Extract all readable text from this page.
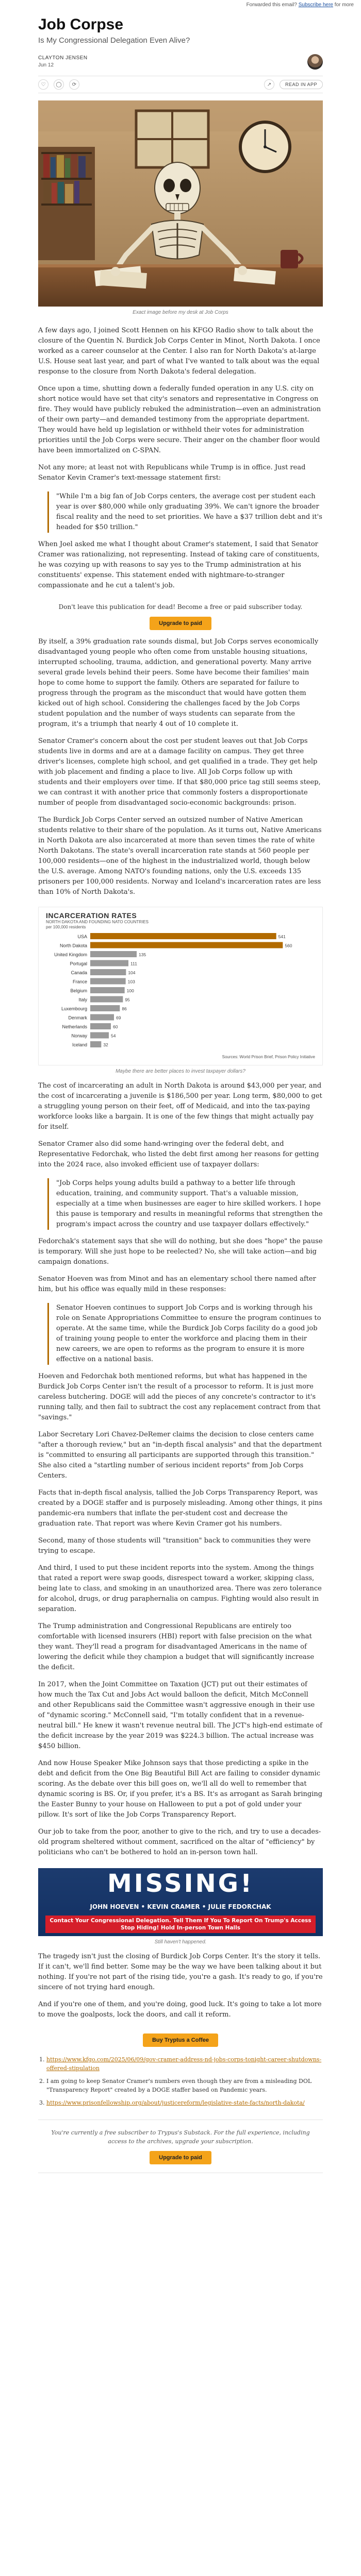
Forwarded this email? Subscribe here for more
Job Corpse
Is My Congressional Delegation Even Alive?
CLAYTON JENSEN
Jun 12
♡	◯	⟳	↗	READ IN APP
Exact image before my desk at Job Corps

A few days ago, I joined Scott Hennen on his KFGO Radio show to talk about the closure of the Quentin N. Burdick Job Corps Center in Minot, North Dakota. I once worked as a career counselor at the Center. I also ran for North Dakota's at-large U.S. House seat last year, and part of what I've wanted to talk about was the equal response to the closure from North Dakota's federal delegation.

Once upon a time, shutting down a federally funded operation in any U.S. city on short notice would have set that city's senators and representative in Congress on fire. They would have publicly rebuked the administration—even an administration of their own party—and demanded testimony from the appropriate department. They would have held up legislation or withheld their votes for administration priorities until the Job Corps were secure. Their anger on the chamber floor would have been immortalized on C-SPAN.

Not any more; at least not with Republicans while Trump is in office. Just read Senator Kevin Cramer's text-message statement first:

"While I'm a big fan of Job Corps centers, the average cost per student each year is over $80,000 while only graduating 39%. We can't ignore the broader fiscal reality and the need to set priorities. We have a $37 trillion debt and it's headed for $50 trillion."

When Joel asked me what I thought about Cramer's statement, I said that Senator Cramer was rationalizing, not representing. Instead of taking care of constituents, he was cozying up with reasons to say yes to the Trump administration at his constituents' expense. This statement ended with nightmare-to-stranger compassionate and he cut a talent's job.

Don't leave this publication for dead! Become a free or paid subscriber today.
Upgrade to paid

By itself, a 39% graduation rate sounds dismal, but Job Corps serves economically disadvantaged young people who often come from unstable housing situations, interrupted schooling, trauma, addiction, and generational poverty. Many arrive several grade levels behind their peers. Some have become their families' main hope to come home to support the family. Others are separated for failure to progress through the program as the misconduct that would have gotten them kicked out of high school. Considering the challenges faced by the Job Corps student population and the number of ways students can separate from the program, it's a triumph that nearly 4 out of 10 complete it.

Senator Cramer's concern about the cost per student leaves out that Job Corps students live in dorms and are at a damage facility on campus. They get three driver's licenses, complete high school, and get qualified in a trade. They get help with job placement and finding a place to live. All Job Corps follow up with students and their employers over time. If that $80,000 price tag still seems steep, we can contrast it with another price that commonly fosters a disproportionate number of people from disadvantaged socio-economic backgrounds: prison.

The Burdick Job Corps Center served an outsized number of Native American students relative to their share of the population. As it turns out, Native Americans in North Dakota are also incarcerated at more than seven times the rate of white North Dakotans. The state's overall incarceration rate stands at 560 people per 100,000 residents—one of the highest in the industrialized world, though below the U.S. average. Among NATO's founding nations, only the U.S. exceeds 135 prisoners per 100,000 residents. Norway and Iceland's incarceration rates are less than 10% of North Dakota's.

INCARCERATION RATES
NORTH DAKOTA AND FOUNDING NATO COUNTRIES
per 100,000 residents
USA	541
North Dakota	560
United Kingdom	135
Portugal	111
Canada	104
France	103
Belgium	100
Italy	95
Luxembourg	86
Denmark	69
Netherlands	60
Norway	54
Iceland	32
Sources: World Prison Brief, Prison Policy Initiative
Maybe there are better places to invest taxpayer dollars?

The cost of incarcerating an adult in North Dakota is around $43,000 per year, and the cost of incarcerating a juvenile is $186,500 per year. Long term, $80,000 to get a struggling young person on their feet, off of Medicaid, and into the tax-paying workforce looks like a bargain. It is one of the few things that might actually pay for itself.

Senator Cramer also did some hand-wringing over the federal debt, and Representative Fedorchak, who listed the debt first among her reasons for getting into the 2024 race, also invoked efficient use of taxpayer dollars:

"Job Corps helps young adults build a pathway to a better life through education, training, and community support. That's a valuable mission, especially at a time when businesses are eager to hire skilled workers. I hope this pause is temporary and results in meaningful reforms that strengthen the program's impact across the country and use taxpayer dollars effectively."

Fedorchak's statement says that she will do nothing, but she does "hope" the pause is temporary. Will she just hope to be reelected? No, she will take action—and big campaign donations.

Senator Hoeven was from Minot and has an elementary school there named after him, but his office was equally mild in these responses:

Senator Hoeven continues to support Job Corps and is working through his role on Senate Appropriations Committee to ensure the program continues to operate. At the same time, while the Burdick Job Corps facility do a good job of training young people to enter the workforce and placing them in their new careers, we are open to reforms as the program to ensure it is more effective on a national basis.

Hoeven and Fedorchak both mentioned reforms, but what has happened in the Burdick Job Corps Center isn't the result of a processor to reform. It is just more careless butchering. DOGE will add the pieces of any concrete's contractor to it's running tally, and then fail to subtract the cost any replacement contract from that "savings."

Labor Secretary Lori Chavez-DeRemer claims the decision to close centers came "after a thorough review," but an "in-depth fiscal analysis" and that the department is "committed to ensuring all participants are supported through this transition." She also cited a "startling number of serious incident reports" from Job Corps Centers.

Facts that in-depth fiscal analysis, tallied the Job Corps Transparency Report, was created by a DOGE staffer and is purposely misleading. Among other things, it pins pandemic-era numbers that inflate the per-student cost and decrease the graduation rate. That report was where Kevin Cramer got his numbers.

Second, many of those students will "transition" back to communities they were trying to escape.

And third, I used to put these incident reports into the system. Among the things that rated a report were swap goods, disrespect toward a worker, skipping class, being late to class, and smoking in an unauthorized area. There was zero tolerance for alcohol, drugs, or drug paraphernalia on campus. Fighting would also result in separation.

The Trump administration and Congressional Republicans are entirely too comfortable with licensed insurers (HBI) report with false precision on the what they want. They'll read a program for disadvantaged Americans in the name of lowering the deficit while they champion a budget that will significantly increase the deficit.

In 2017, when the Joint Committee on Taxation (JCT) put out their estimates of how much the Tax Cut and Jobs Act would balloon the deficit, Mitch McConnell and other Republicans said the Committee wasn't aggressive enough in their use of "dynamic scoring." McConnell said, "I'm totally confident that in a revenue-neutral bill." He knew it wasn't revenue neutral bill. The JCT's high-end estimate of the deficit increase by the year 2019 was $224.3 billion. The actual increase was $450 billion.

And now House Speaker Mike Johnson says that those predicting a spike in the debt and deficit from the One Big Beautiful Bill Act are failing to consider dynamic scoring. As the debate over this bill goes on, we'll all do well to remember that dynamic scoring is BS. Or, if you prefer, it's a BS. It's as arrogant as Sarah bringing the Easter Bunny to your house on Halloween to put a pot of gold under your pillow. It's sort of like the Job Corps Transparency Report.

Our job to take from the poor, another to give to the rich, and try to use a decades-old program sheltered without comment, sacrificed on the altar of "efficiency" by politicians who can't be bothered to hold an in-person town hall.

MISSING!
JOHN HOEVEN • KEVIN CRAMER • JULIE FEDORCHAK
Contact Your Congressional Delegation. Tell Them If You To Report On Trump's Access Stop Hiding! Hold In-person Town Halls
Still haven't happened.

The tragedy isn't just the closing of Burdick Job Corps Center. It's the story it tells. If it can't, we'll find better. Some may be the way we have been talking about it but nothing. If you're not part of the rising tide, you're a gash. It's ready to go, if you're sincere of not trying hard enough.

And if you're one of them, and you're doing, good luck. It's going to take a lot more to move the goalposts, lock the doors, and call it reform.

Buy Tryptus a Coffee
1. https://www.kfgo.com/2025/06/09/gov-cramer-address-nd-jobs-corps-tonight-career-shutdowns-offered-stipulation
2. I am going to keep Senator Cramer's numbers even though they are from a misleading DOL "Transparency Report" created by a DOGE staffer based on Pandemic years.
3. https://www.prisonfellowship.org/about/justicereform/legislative-state-facts/north-dakota/
You're currently a free subscriber to Trypus's Substack. For the full experience, including access to the archives, upgrade your subscription.
Upgrade to paid
